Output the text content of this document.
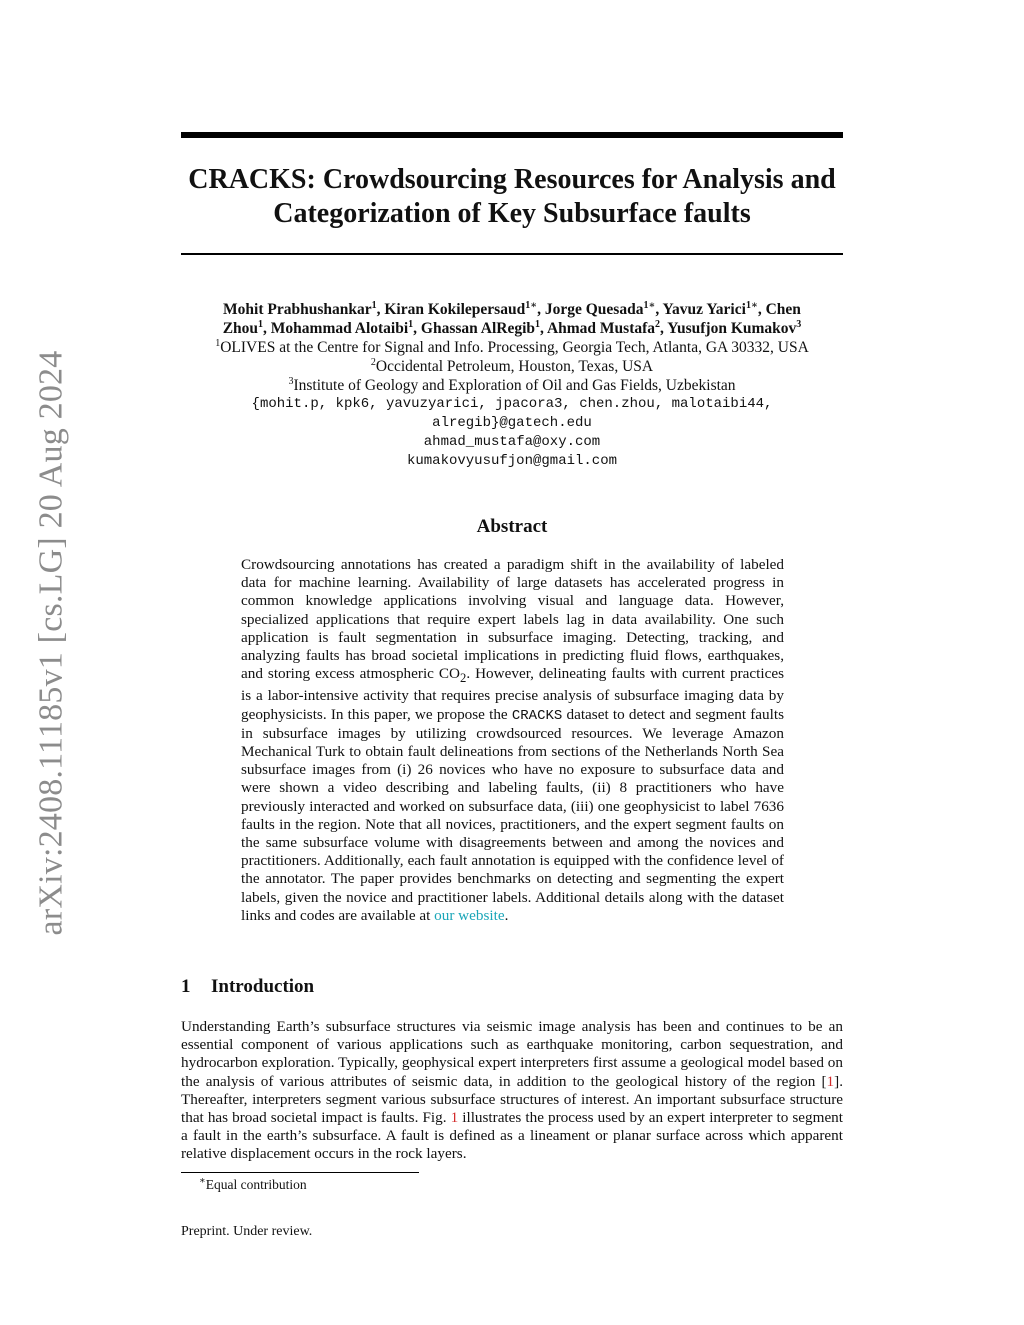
arXiv:2408.11185v1 [cs.LG] 20 Aug 2024
CRACKS: Crowdsourcing Resources for Analysis and
Categorization of Key Subsurface faults
Mohit Prabhushankar$^1$, Kiran Kokilepersaud$^{1∗}$, Jorge Quesada$^{1∗}$, Yavuz Yarici$^{1∗}$, Chen
Zhou$^1$, Mohammad Alotaibi$^1$, Ghassan AlRegib$^1$, Ahmad Mustafa$^2$, Yusufjon Kumakov$^3$
$^1$OLIVES at the Centre for Signal and Info. Processing, Georgia Tech, Atlanta, GA 30332, USA
$^2$Occidental Petroleum, Houston, Texas, USA
$^3$Institute of Geology and Exploration of Oil and Gas Fields, Uzbekistan
{mohit.p, kpk6, yavuzyarici, jpacora3, chen.zhou, malotaibi44,
alregib}@gatech.edu
ahmad_mustafa@oxy.com
kumakovyusufjon@gmail.com
Abstract

Crowdsourcing annotations has created a paradigm shift in the availability of labeled data for machine learning. Availability of large datasets has accelerated progress in common knowledge applications involving visual and language data. However, specialized applications that require expert labels lag in data availability. One such application is fault segmentation in subsurface imaging. Detecting, tracking, and analyzing faults has broad societal implications in predicting fluid flows, earthquakes, and storing excess atmospheric $CO_2$. However, delineating faults with current practices is a labor-intensive activity that requires precise analysis of subsurface imaging data by geophysicists. In this paper, we propose the CRACKS dataset to detect and segment faults in subsurface images by utilizing crowdsourced resources. We leverage Amazon Mechanical Turk to obtain fault delineations from sections of the Netherlands North Sea subsurface images from (i) 26 novices who have no exposure to subsurface data and were shown a video describing and labeling faults, (ii) 8 practitioners who have previously interacted and worked on subsurface data, (iii) one geophysicist to label 7636 faults in the region. Note that all novices, practitioners, and the expert segment faults on the same subsurface volume with disagreements between and among the novices and practitioners. Additionally, each fault annotation is equipped with the confidence level of the annotator. The paper provides benchmarks on detecting and segmenting the expert labels, given the novice and practitioner labels. Additional details along with the dataset links and codes are available at our website.

1 Introduction

Understanding Earth’s subsurface structures via seismic image analysis has been and continues to be an essential component of various applications such as earthquake monitoring, carbon sequestration, and hydrocarbon exploration. Typically, geophysical expert interpreters first assume a geological model based on the analysis of various attributes of seismic data, in addition to the geological history of the region [1]. Thereafter, interpreters segment various subsurface structures of interest. An important subsurface structure that has broad societal impact is faults. Fig. 1 illustrates the process used by an expert interpreter to segment a fault in the earth’s subsurface. A fault is defined as a lineament or planar surface across which apparent relative displacement occurs in the rock layers.

∗Equal contribution
Preprint. Under review.
